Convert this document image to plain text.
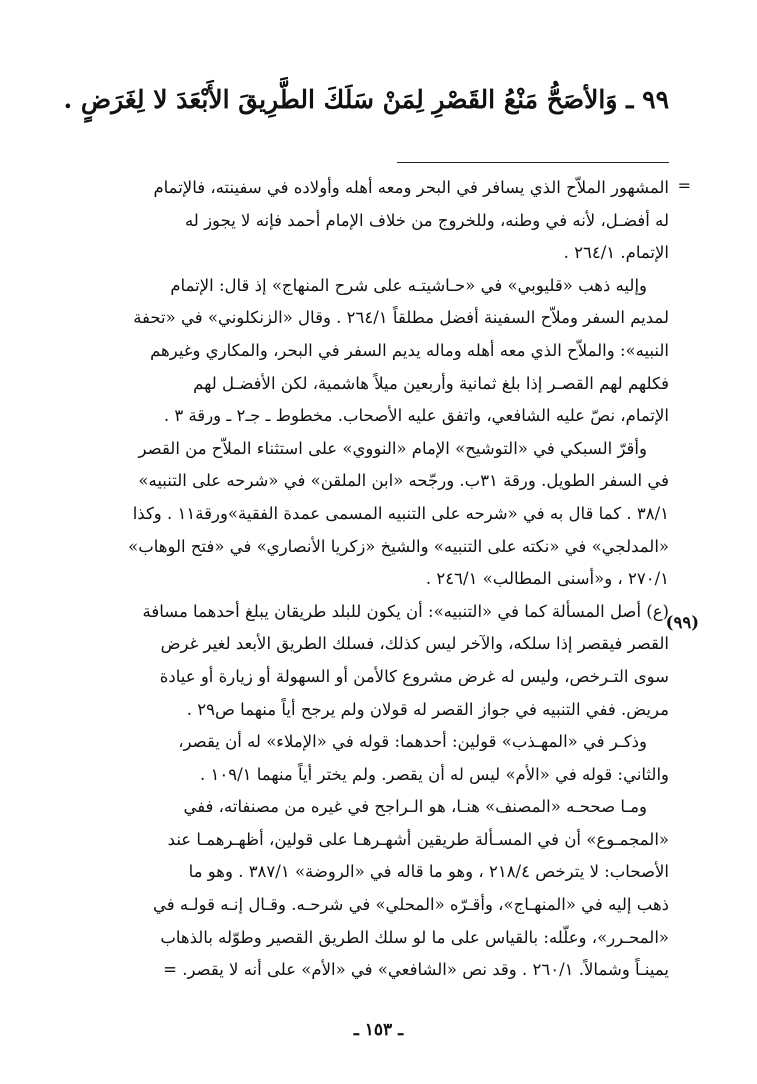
٩٩ ـ وَالأصَحُّ مَنْعُ القَصْرِ لِمَنْ سَلَكَ الطَّرِيقَ الأَبْعَدَ لا لِغَرَضٍ .
=
(٩٩)
المشهور الملاّح الذي يسافر في البحر ومعه أهله وأولاده في سفينته، فالإتمام
له أفضـل، لأنه في وطنه، وللخروج من خلاف الإمام أحمد فإنه لا يجوز له
الإتمام. ٢٦٤/١ .
وإليه ذهب «قليوبي» في «حـاشيتـه على شرح المنهاج» إذ قال: الإتمام
لمديم السفر وملاّح السفينة أفضل مطلقاً ٢٦٤/١ . وقال «الزنكلوني» في «تحفة
النبيه»: والملاّح الذي معه أهله وماله يديم السفر في البحر، والمكاري وغيرهم
فكلهم لهم القصـر إذا بلغ ثمانية وأربعين ميلاً هاشمية، لكن الأفضـل لهم
الإتمام، نصّ عليه الشافعي، واتفق عليه الأصحاب. مخطوط ـ جـ٢ ـ ورقة ٣ .
وأقرّ السبكي في «التوشيح» الإمام «النووي» على استثناء الملاّح من القصر
في السفر الطويل. ورقة ٣١ب. ورجّحه «ابن الملقن» في «شرحه على التنبيه»
٣٨/١ . كما قال به في «شرحه على التنبيه المسمى عمدة الفقية»ورقة١١ . وكذا
«المدلجي» في «نكته على التنبيه» والشيخ «زكريا الأنصاري» في «فتح الوهاب»
٢٧٠/١ ، و«أسنى المطالب» ٢٤٦/١ .
(ع) أصل المسألة كما في «التنبيه»: أن يكون للبلد طريقان يبلغ أحدهما مسافة
القصر فيقصر إذا سلكه، والآخر ليس كذلك، فسلك الطريق الأبعد لغير غرض
سوى التـرخص، وليس له غرض مشروع كالأمن أو السهولة أو زيارة أو عيادة
مريض. ففي التنبيه في جواز القصر له قولان ولم يرجح أياً منهما ص٢٩ .
وذكـر في «المهـذب» قولين: أحدهما: قوله في «الإملاء» له أن يقصر،
والثاني: قوله في «الأم» ليس له أن يقصر. ولم يختر أياً منهما ١٠٩/١ .
ومـا صححـه «المصنف» هنـا، هو الـراجح في غيره من مصنفاته، ففي
«المجمـوع» أن في المسـألة طريقين أشهـرهـا على قولين، أظهـرهمـا عند
الأصحاب: لا يترخص ٢١٨/٤ ، وهو ما قاله في «الروضة» ٣٨٧/١ . وهو ما
ذهب إليه في «المنهـاج»، وأقـرّه «المحلي» في شرحـه. وقـال إنـه قولـه في
«المحـرر»، وعلّله: بالقياس على ما لو سلك الطريق القصير وطوّله بالذهاب
يمينـاً وشمالاً. ٢٦٠/١ . وقد نص «الشافعي» في «الأم» على أنه لا يقصر. =
ـ ١٥٣ ـ
